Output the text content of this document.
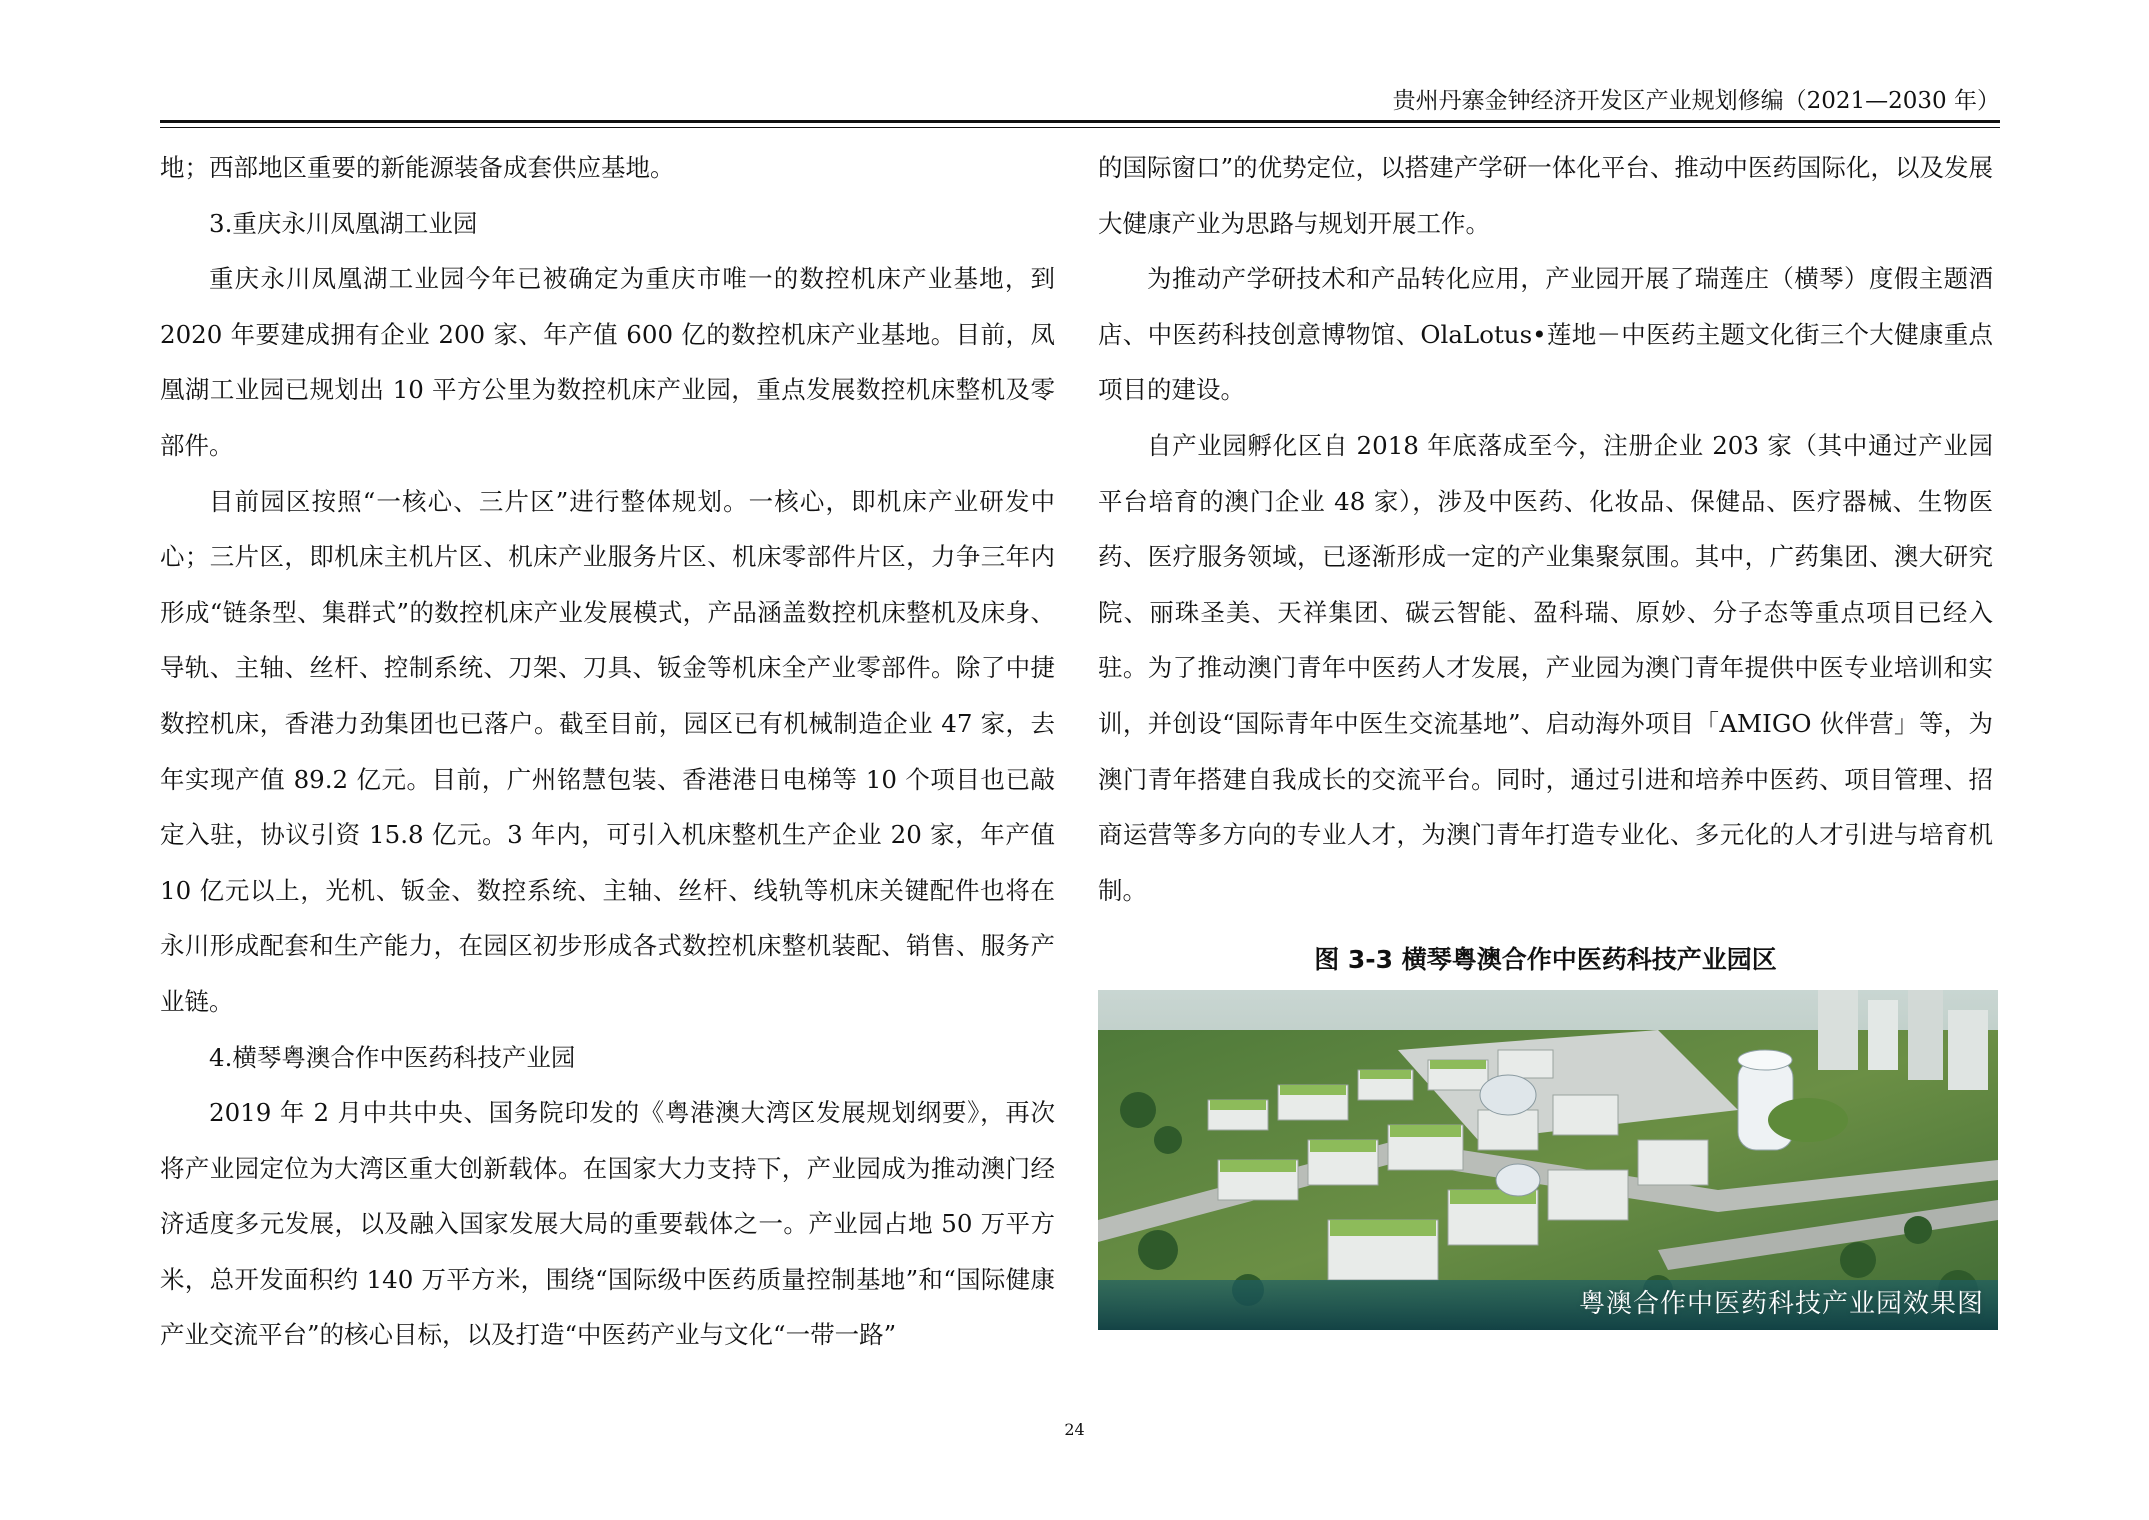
贵州丹寨金钟经济开发区产业规划修编（2021—2030 年）

地；西部地区重要的新能源装备成套供应基地。

3.重庆永川凤凰湖工业园

重庆永川凤凰湖工业园今年已被确定为重庆市唯一的数控机床产业基地，到 2020 年要建成拥有企业 200 家、年产值 600 亿的数控机床产业基地。目前，凤凰湖工业园已规划出 10 平方公里为数控机床产业园，重点发展数控机床整机及零部件。

目前园区按照“一核心、三片区”进行整体规划。一核心，即机床产业研发中心；三片区，即机床主机片区、机床产业服务片区、机床零部件片区，力争三年内形成“链条型、集群式”的数控机床产业发展模式，产品涵盖数控机床整机及床身、导轨、主轴、丝杆、控制系统、刀架、刀具、钣金等机床全产业零部件。除了中捷数控机床，香港力劲集团也已落户。截至目前，园区已有机械制造企业 47 家，去年实现产值 89.2 亿元。目前，广州铭慧包装、香港港日电梯等 10 个项目也已敲定入驻，协议引资 15.8 亿元。3 年内，可引入机床整机生产企业 20 家，年产值 10 亿元以上，光机、钣金、数控系统、主轴、丝杆、线轨等机床关键配件也将在永川形成配套和生产能力，在园区初步形成各式数控机床整机装配、销售、服务产业链。

4.横琴粤澳合作中医药科技产业园

2019 年 2 月中共中央、国务院印发的《粤港澳大湾区发展规划纲要》，再次将产业园定位为大湾区重大创新载体。在国家大力支持下，产业园成为推动澳门经济适度多元发展，以及融入国家发展大局的重要载体之一。产业园占地 50 万平方米，总开发面积约 140 万平方米，围绕“国际级中医药质量控制基地”和“国际健康产业交流平台”的核心目标，以及打造“中医药产业与文化“一带一路”

的国际窗口”的优势定位，以搭建产学研一体化平台、推动中医药国际化，以及发展大健康产业为思路与规划开展工作。

为推动产学研技术和产品转化应用，产业园开展了瑞莲庄（横琴）度假主题酒店、中医药科技创意博物馆、OlaLotus•莲地－中医药主题文化街三个大健康重点项目的建设。

自产业园孵化区自 2018 年底落成至今，注册企业 203 家（其中通过产业园平台培育的澳门企业 48 家），涉及中医药、化妆品、保健品、医疗器械、生物医药、医疗服务领域，已逐渐形成一定的产业集聚氛围。其中，广药集团、澳大研究院、丽珠圣美、天祥集团、碳云智能、盈科瑞、原妙、分子态等重点项目已经入驻。为了推动澳门青年中医药人才发展，产业园为澳门青年提供中医专业培训和实训，并创设“国际青年中医生交流基地”、启动海外项目「AMIGO 伙伴营」等，为澳门青年搭建自我成长的交流平台。同时，通过引进和培养中医药、项目管理、招商运营等多方向的专业人才，为澳门青年打造专业化、多元化的人才引进与培育机制。

图 3-3 横琴粤澳合作中医药科技产业园区
粤澳合作中医药科技产业园效果图
24
